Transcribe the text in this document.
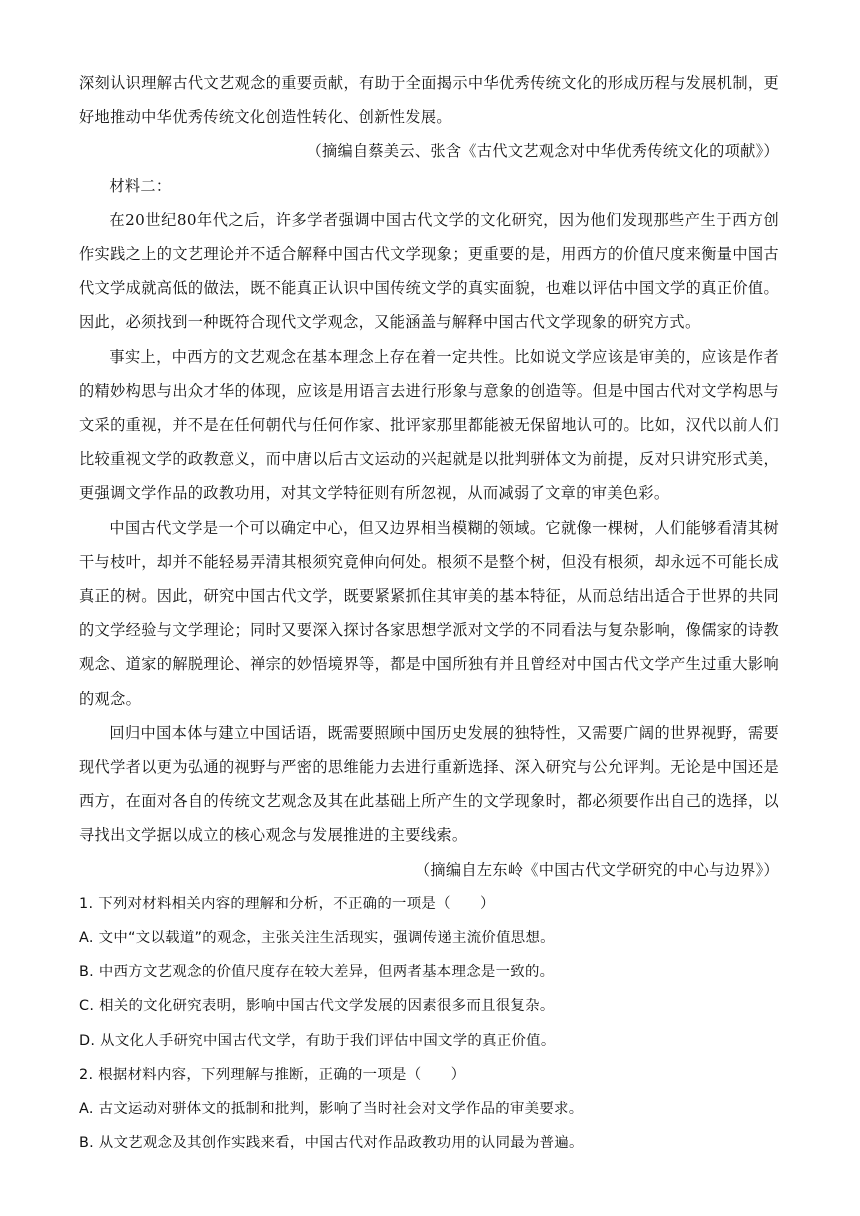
深刻认识理解古代文艺观念的重要贡献，有助于全面揭示中华优秀传统文化的形成历程与发展机制，更好地推动中华优秀传统文化创造性转化、创新性发展。

（摘编自蔡美云、张含《古代文艺观念对中华优秀传统文化的项献》）

材料二：

在20世纪80年代之后，许多学者强调中国古代文学的文化研究，因为他们发现那些产生于西方创作实践之上的文艺理论并不适合解释中国古代文学现象；更重要的是，用西方的价值尺度来衡量中国古代文学成就高低的做法，既不能真正认识中国传统文学的真实面貌，也难以评估中国文学的真正价值。因此，必须找到一种既符合现代文学观念，又能涵盖与解释中国古代文学现象的研究方式。

事实上，中西方的文艺观念在基本理念上存在着一定共性。比如说文学应该是审美的，应该是作者的精妙构思与出众才华的体现，应该是用语言去进行形象与意象的创造等。但是中国古代对文学构思与文采的重视，并不是在任何朝代与任何作家、批评家那里都能被无保留地认可的。比如，汉代以前人们比较重视文学的政教意义，而中唐以后古文运动的兴起就是以批判骈体文为前提，反对只讲究形式美，更强调文学作品的政教功用，对其文学特征则有所忽视，从而减弱了文章的审美色彩。

中国古代文学是一个可以确定中心，但又边界相当模糊的领域。它就像一棵树，人们能够看清其树干与枝叶，却并不能轻易弄清其根须究竟伸向何处。根须不是整个树，但没有根须，却永远不可能长成真正的树。因此，研究中国古代文学，既要紧紧抓住其审美的基本特征，从而总结出适合于世界的共同的文学经验与文学理论；同时又要深入探讨各家思想学派对文学的不同看法与复杂影响，像儒家的诗教观念、道家的解脱理论、禅宗的妙悟境界等，都是中国所独有并且曾经对中国古代文学产生过重大影响的观念。

回归中国本体与建立中国话语，既需要照顾中国历史发展的独特性，又需要广阔的世界视野，需要现代学者以更为弘通的视野与严密的思维能力去进行重新选择、深入研究与公允评判。无论是中国还是西方，在面对各自的传统文艺观念及其在此基础上所产生的文学现象时，都必须要作出自己的选择，以寻找出文学据以成立的核心观念与发展推进的主要线索。

（摘编自左东岭《中国古代文学研究的中心与边界》）

1. 下列对材料相关内容的理解和分析，不正确的一项是（　　）

A. 文中“文以载道”的观念，主张关注生活现实，强调传递主流价值思想。

B. 中西方文艺观念的价值尺度存在较大差异，但两者基本理念是一致的。

C. 相关的文化研究表明，影响中国古代文学发展的因素很多而且很复杂。

D. 从文化人手研究中国古代文学，有助于我们评估中国文学的真正价值。

2. 根据材料内容，下列理解与推断，正确的一项是（　　）

A. 古文运动对骈体文的抵制和批判，影响了当时社会对文学作品的审美要求。

B. 从文艺观念及其创作实践来看，中国古代对作品政教功用的认同最为普遍。
